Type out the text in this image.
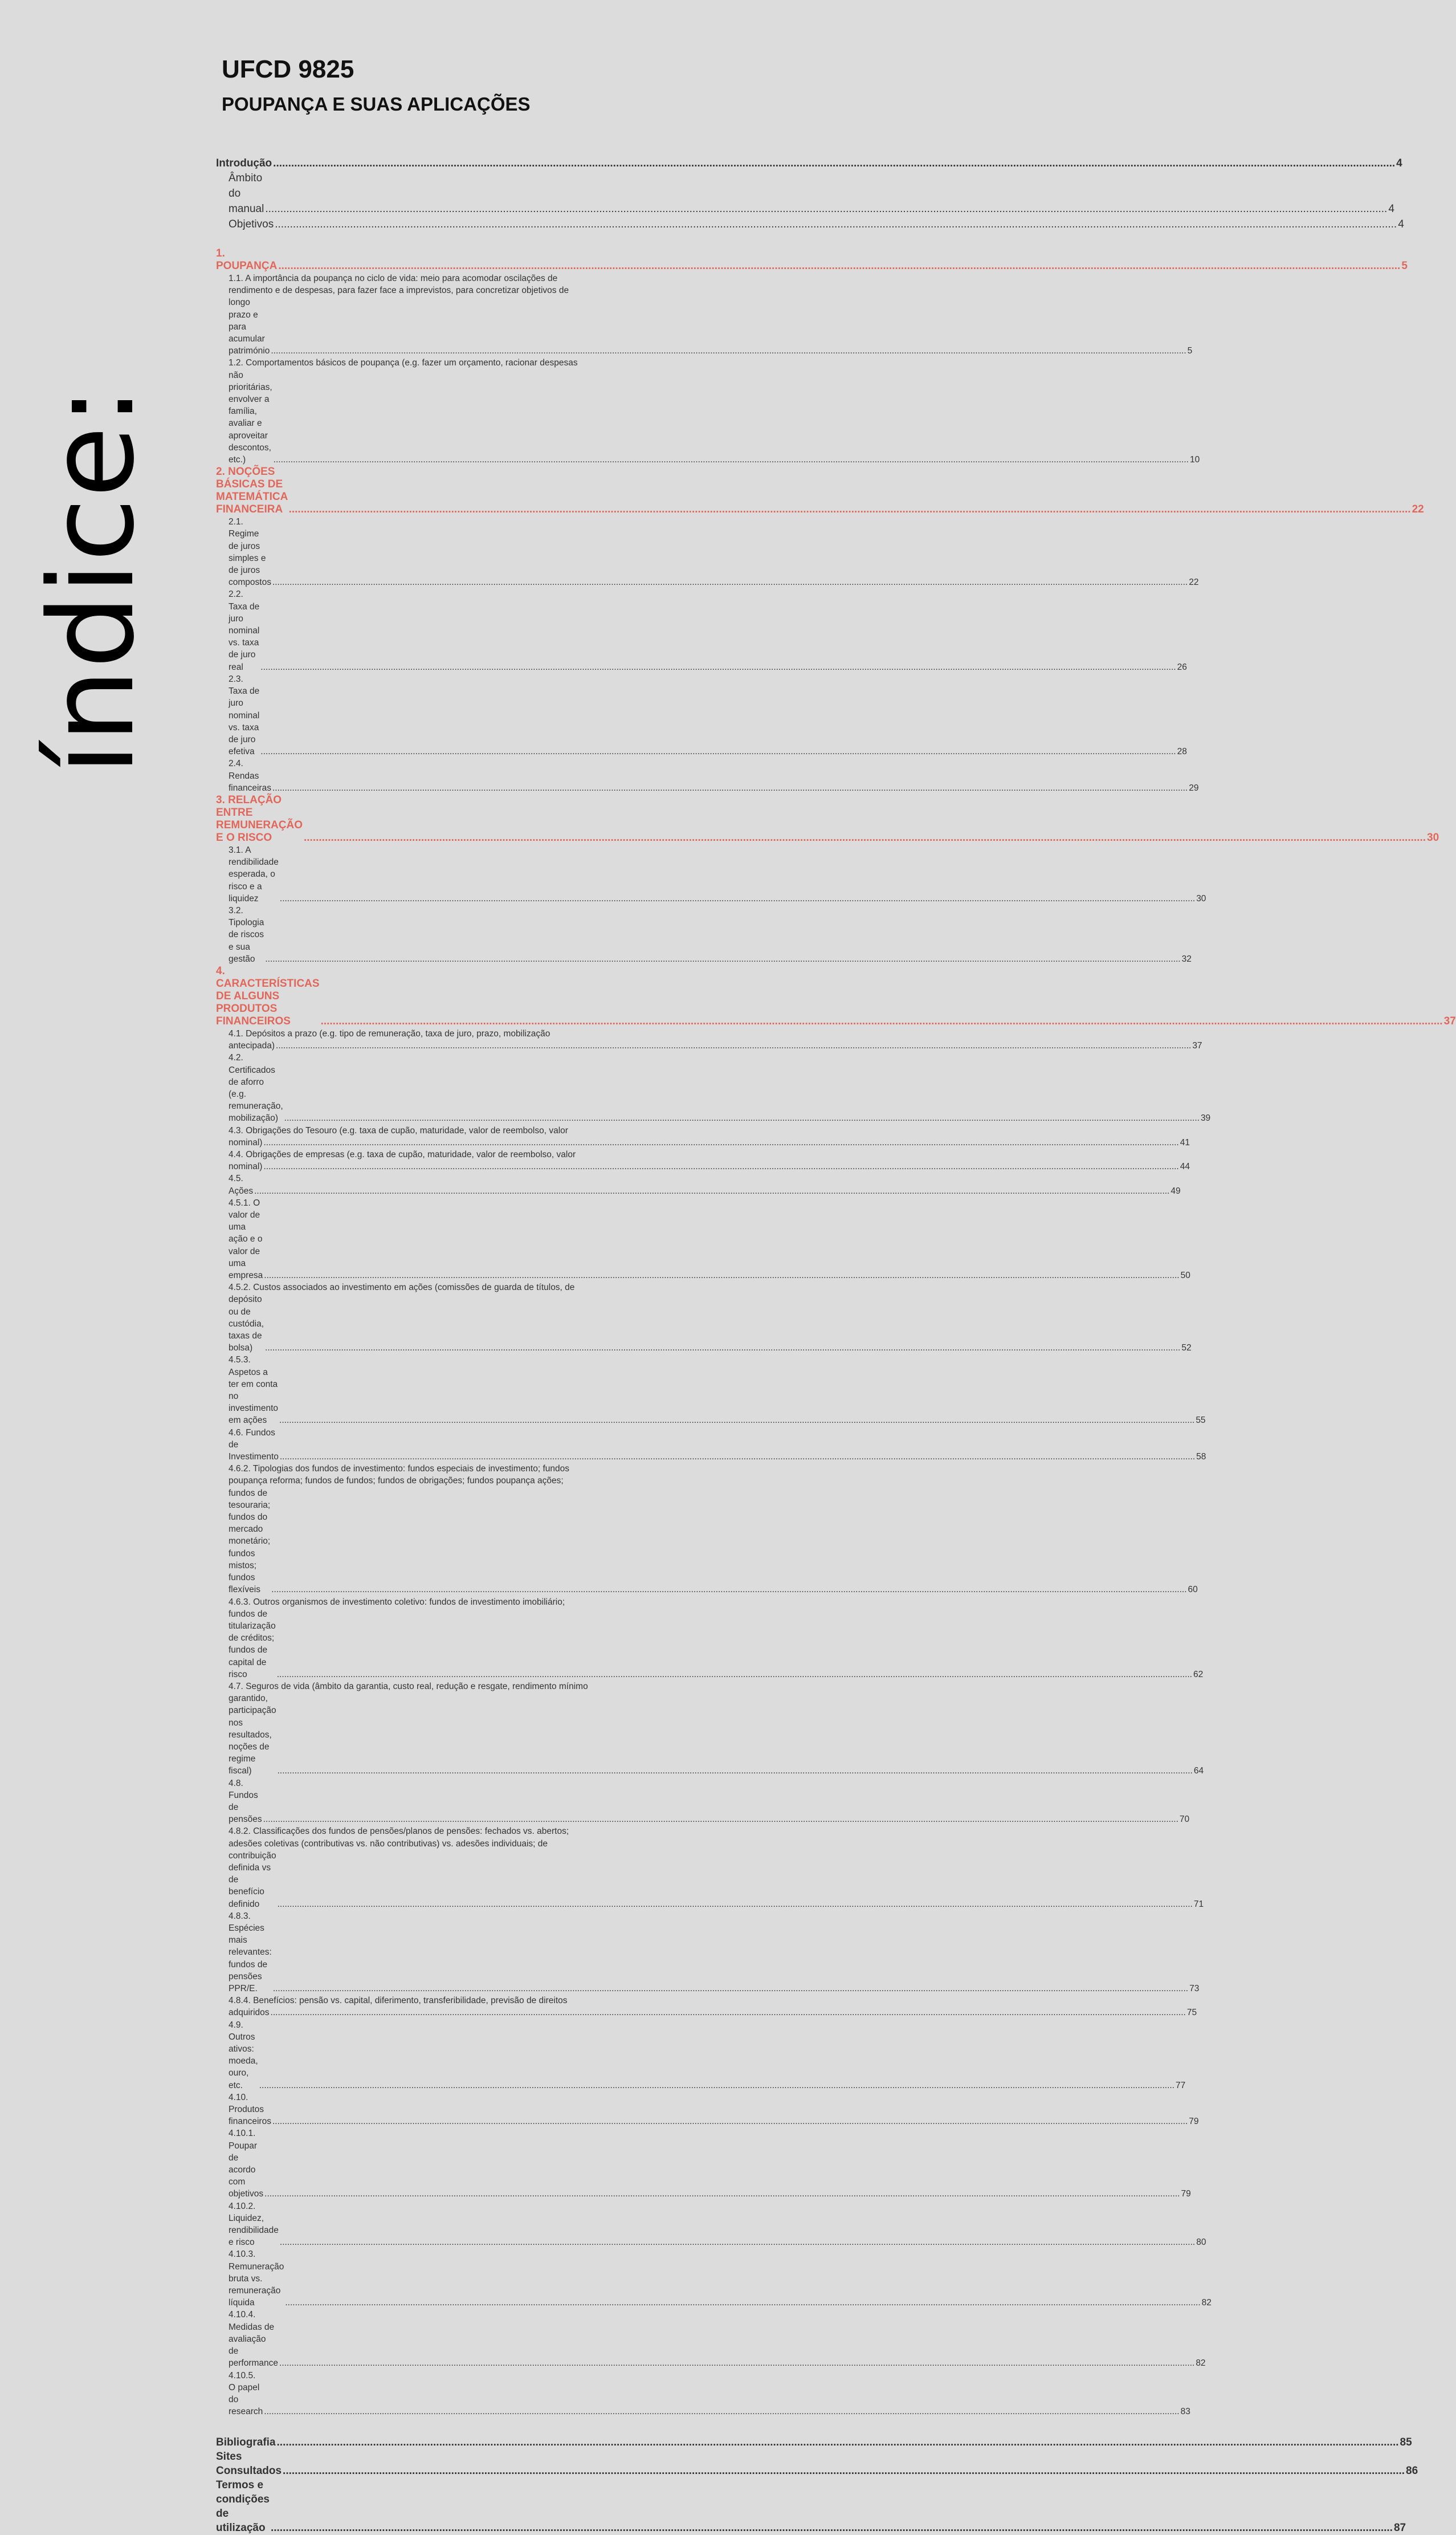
índice:
UFCD 9825
POUPANÇA E SUAS APLICAÇÕES
Introdução .....	4
Âmbito do manual .....	4
Objetivos .....	4
1. POUPANÇA .....	5
1.1. A importância da poupança no ciclo de vida: meio para acomodar oscilações de
rendimento e de despesas, para fazer face a imprevistos, para concretizar objetivos de
longo prazo e para acumular património .....	5
1.2. Comportamentos básicos de poupança (e.g. fazer um orçamento, racionar despesas
não prioritárias, envolver a família, avaliar e aproveitar descontos, etc.) .....	10
2. NOÇÕES BÁSICAS DE MATEMÁTICA FINANCEIRA .....	22
2.1. Regime de juros simples e de juros compostos .....	22
2.2. Taxa de juro nominal vs. taxa de juro real .....	26
2.3. Taxa de juro nominal vs. taxa de juro efetiva .....	28
2.4. Rendas financeiras .....	29
3. RELAÇÃO ENTRE REMUNERAÇÃO E O RISCO .....	30
3.1. A rendibilidade esperada, o risco e a liquidez .....	30
3.2. Tipologia de riscos e sua gestão .....	32
4. CARACTERÍSTICAS DE ALGUNS PRODUTOS FINANCEIROS .....	37
4.1. Depósitos a prazo (e.g. tipo de remuneração, taxa de juro, prazo, mobilização
antecipada) .....	37
4.2. Certificados de aforro (e.g. remuneração, mobilização) .....	39
4.3. Obrigações do Tesouro (e.g. taxa de cupão, maturidade, valor de reembolso, valor
nominal) .....	41
4.4. Obrigações de empresas (e.g. taxa de cupão, maturidade, valor de reembolso, valor
nominal) .....	44
4.5. Ações .....	49
4.5.1. O valor de uma ação e o valor de uma empresa .....	50
4.5.2. Custos associados ao investimento em ações (comissões de guarda de títulos, de
depósito ou de custódia, taxas de bolsa) .....	52
4.5.3. Aspetos a ter em conta no investimento em ações .....	55
4.6. Fundos de Investimento .....	58
4.6.2. Tipologias dos fundos de investimento: fundos especiais de investimento; fundos
poupança reforma; fundos de fundos; fundos de obrigações; fundos poupança ações;
fundos de tesouraria; fundos do mercado monetário; fundos mistos; fundos flexíveis .....	60
4.6.3. Outros organismos de investimento coletivo: fundos de investimento imobiliário;
fundos de titularização de créditos; fundos de capital de risco .....	62
4.7. Seguros de vida (âmbito da garantia, custo real, redução e resgate, rendimento mínimo
garantido, participação nos resultados, noções de regime fiscal) .....	64
4.8. Fundos de pensões .....	70
4.8.2. Classificações dos fundos de pensões/planos de pensões: fechados vs. abertos;
adesões coletivas (contributivas vs. não contributivas) vs. adesões individuais; de
contribuição definida vs de benefício definido .....	71
4.8.3. Espécies mais relevantes: fundos de pensões PPR/E. .....	73
4.8.4. Benefícios: pensão vs. capital, diferimento, transferibilidade, previsão de direitos
adquiridos .....	75
4.9. Outros ativos: moeda, ouro, etc. .....	77
4.10. Produtos financeiros .....	79
4.10.1. Poupar de acordo com objetivos .....	79
4.10.2. Liquidez, rendibilidade e risco .....	80
4.10.3. Remuneração bruta vs. remuneração líquida .....	82
4.10.4. Medidas de avaliação de performance .....	82
4.10.5. O papel do research .....	83
Bibliografia .....	85
Sites Consultados .....	86
Termos e condições de utilização .....	87
